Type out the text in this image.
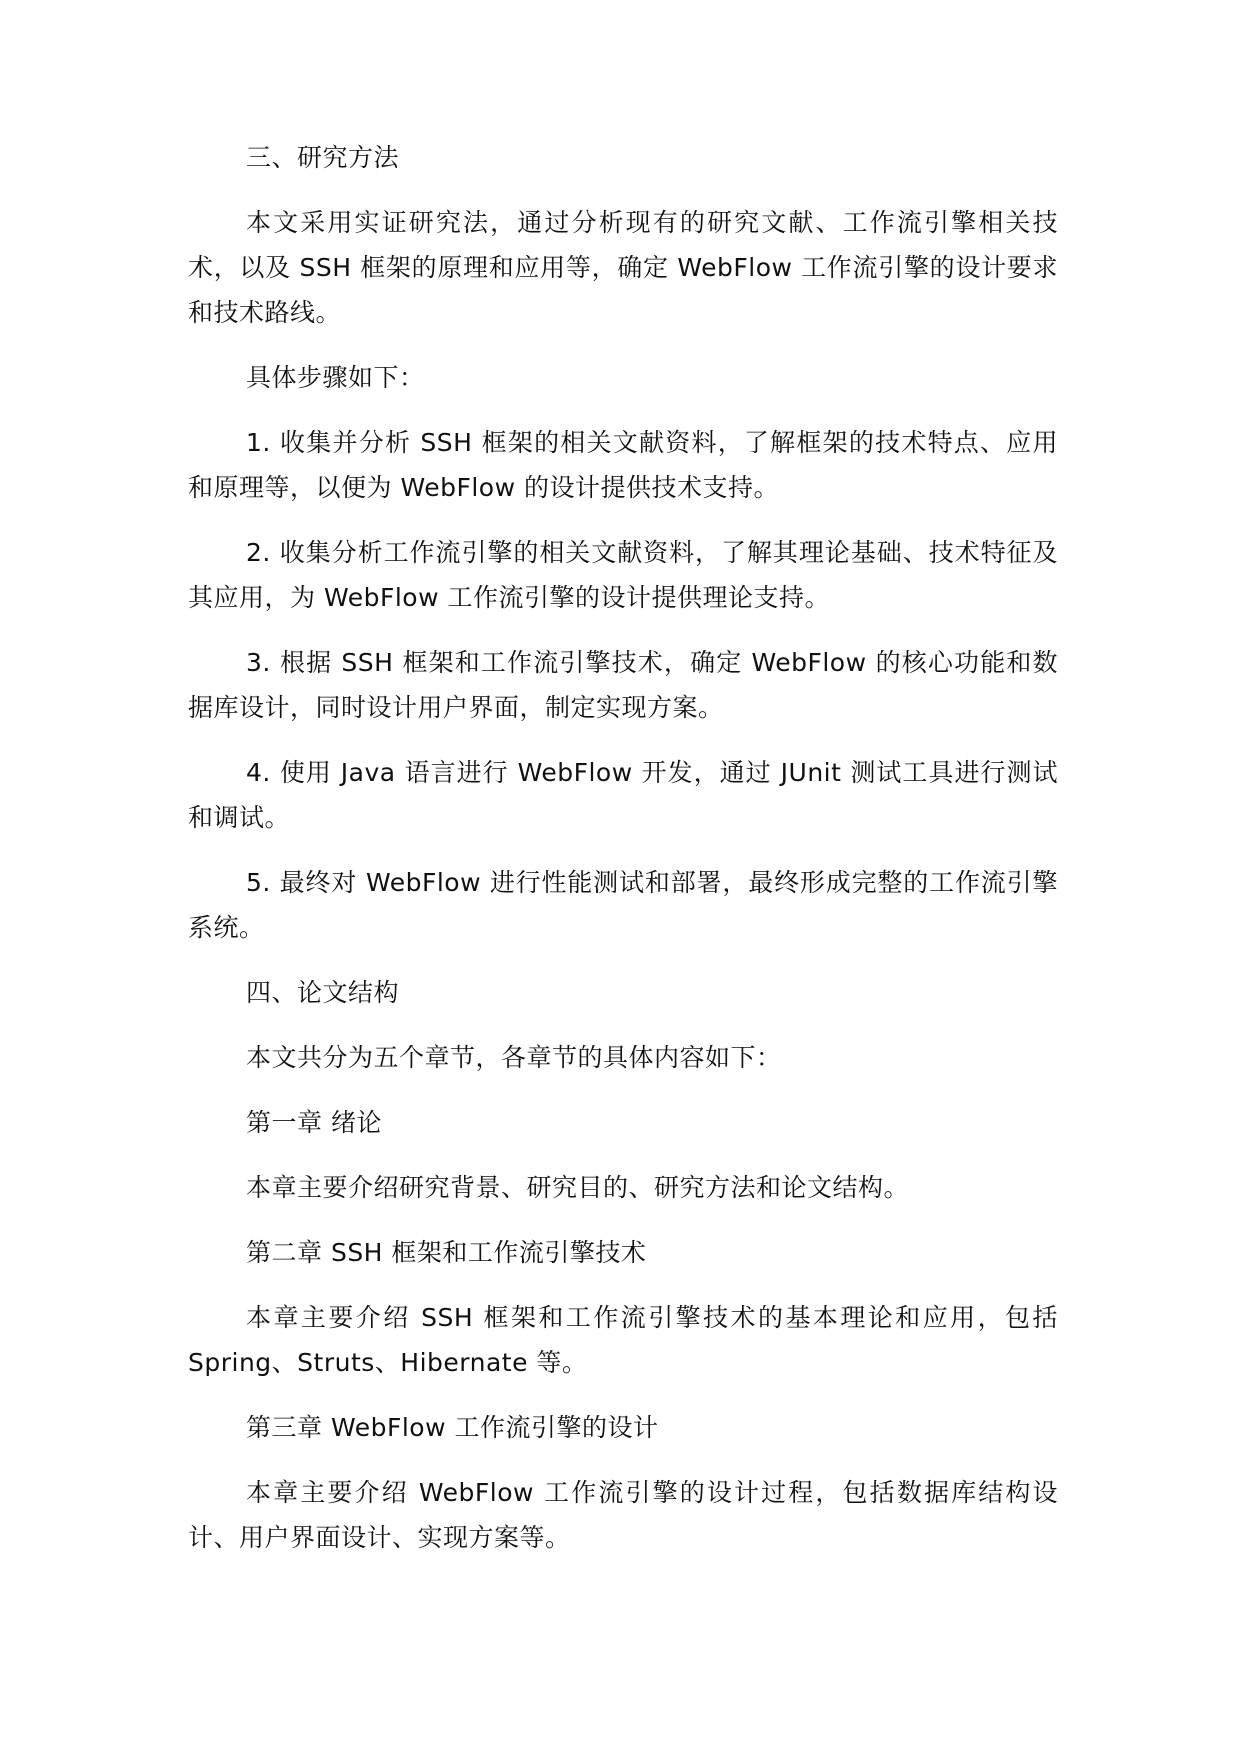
三、研究方法

本文采用实证研究法，通过分析现有的研究文献、工作流引擎相关技术，以及 SSH 框架的原理和应用等，确定 WebFlow 工作流引擎的设计要求和技术路线。

具体步骤如下：

1. 收集并分析 SSH 框架的相关文献资料，了解框架的技术特点、应用和原理等，以便为 WebFlow 的设计提供技术支持。

2. 收集分析工作流引擎的相关文献资料，了解其理论基础、技术特征及其应用，为 WebFlow 工作流引擎的设计提供理论支持。

3. 根据 SSH 框架和工作流引擎技术，确定 WebFlow 的核心功能和数据库设计，同时设计用户界面，制定实现方案。

4. 使用 Java 语言进行 WebFlow 开发，通过 JUnit 测试工具进行测试和调试。

5. 最终对 WebFlow 进行性能测试和部署，最终形成完整的工作流引擎系统。

四、论文结构

本文共分为五个章节，各章节的具体内容如下：

第一章 绪论

本章主要介绍研究背景、研究目的、研究方法和论文结构。

第二章 SSH 框架和工作流引擎技术

本章主要介绍 SSH 框架和工作流引擎技术的基本理论和应用，包括 Spring、Struts、Hibernate 等。

第三章 WebFlow 工作流引擎的设计

本章主要介绍 WebFlow 工作流引擎的设计过程，包括数据库结构设计、用户界面设计、实现方案等。
